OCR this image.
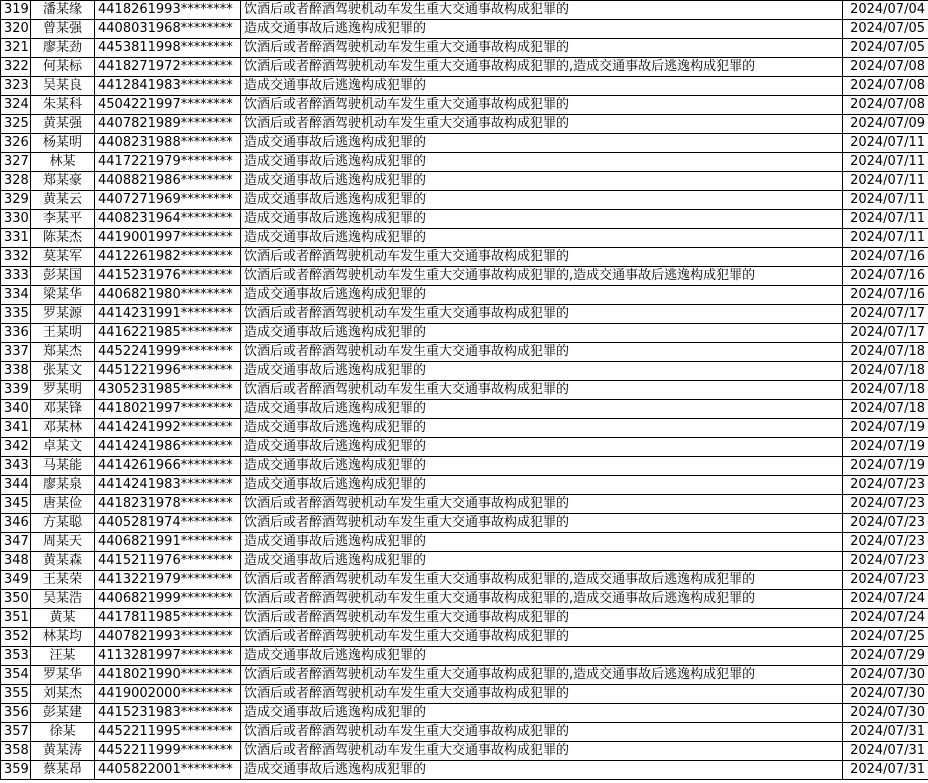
319	潘某缘	4418261993********	饮酒后或者醉酒驾驶机动车发生重大交通事故构成犯罪的	2024/07/04
320	曾某强	4408031968********	造成交通事故后逃逸构成犯罪的	2024/07/05
321	廖某劲	4453811998********	饮酒后或者醉酒驾驶机动车发生重大交通事故构成犯罪的	2024/07/05
322	何某标	4418271972********	饮酒后或者醉酒驾驶机动车发生重大交通事故构成犯罪的,造成交通事故后逃逸构成犯罪的	2024/07/08
323	吴某良	4412841983********	造成交通事故后逃逸构成犯罪的	2024/07/08
324	朱某科	4504221997********	饮酒后或者醉酒驾驶机动车发生重大交通事故构成犯罪的	2024/07/08
325	黄某强	4407821989********	饮酒后或者醉酒驾驶机动车发生重大交通事故构成犯罪的	2024/07/09
326	杨某明	4408231988********	造成交通事故后逃逸构成犯罪的	2024/07/11
327	林某	4417221979********	造成交通事故后逃逸构成犯罪的	2024/07/11
328	郑某豪	4408821986********	造成交通事故后逃逸构成犯罪的	2024/07/11
329	黄某云	4407271969********	造成交通事故后逃逸构成犯罪的	2024/07/11
330	李某平	4408231964********	造成交通事故后逃逸构成犯罪的	2024/07/11
331	陈某杰	4419001997********	造成交通事故后逃逸构成犯罪的	2024/07/11
332	莫某军	4412261982********	饮酒后或者醉酒驾驶机动车发生重大交通事故构成犯罪的	2024/07/16
333	彭某国	4415231976********	饮酒后或者醉酒驾驶机动车发生重大交通事故构成犯罪的,造成交通事故后逃逸构成犯罪的	2024/07/16
334	梁某华	4406821980********	造成交通事故后逃逸构成犯罪的	2024/07/16
335	罗某源	4414231991********	饮酒后或者醉酒驾驶机动车发生重大交通事故构成犯罪的	2024/07/17
336	王某明	4416221985********	造成交通事故后逃逸构成犯罪的	2024/07/17
337	郑某杰	4452241999********	饮酒后或者醉酒驾驶机动车发生重大交通事故构成犯罪的	2024/07/18
338	张某文	4451221996********	造成交通事故后逃逸构成犯罪的	2024/07/18
339	罗某明	4305231985********	饮酒后或者醉酒驾驶机动车发生重大交通事故构成犯罪的	2024/07/18
340	邓某锋	4418021997********	造成交通事故后逃逸构成犯罪的	2024/07/18
341	邓某林	4414241992********	造成交通事故后逃逸构成犯罪的	2024/07/19
342	卓某文	4414241986********	造成交通事故后逃逸构成犯罪的	2024/07/19
343	马某能	4414261966********	造成交通事故后逃逸构成犯罪的	2024/07/19
344	廖某泉	4414241983********	造成交通事故后逃逸构成犯罪的	2024/07/23
345	唐某俭	4418231978********	饮酒后或者醉酒驾驶机动车发生重大交通事故构成犯罪的	2024/07/23
346	方某聪	4405281974********	饮酒后或者醉酒驾驶机动车发生重大交通事故构成犯罪的	2024/07/23
347	周某天	4406821991********	造成交通事故后逃逸构成犯罪的	2024/07/23
348	黄某森	4415211976********	造成交通事故后逃逸构成犯罪的	2024/07/23
349	王某荣	4413221979********	饮酒后或者醉酒驾驶机动车发生重大交通事故构成犯罪的,造成交通事故后逃逸构成犯罪的	2024/07/23
350	吴某浩	4406821999********	饮酒后或者醉酒驾驶机动车发生重大交通事故构成犯罪的,造成交通事故后逃逸构成犯罪的	2024/07/24
351	黄某	4417811985********	饮酒后或者醉酒驾驶机动车发生重大交通事故构成犯罪的	2024/07/24
352	林某均	4407821993********	饮酒后或者醉酒驾驶机动车发生重大交通事故构成犯罪的	2024/07/25
353	汪某	4113281997********	造成交通事故后逃逸构成犯罪的	2024/07/29
354	罗某华	4418021990********	饮酒后或者醉酒驾驶机动车发生重大交通事故构成犯罪的,造成交通事故后逃逸构成犯罪的	2024/07/30
355	刘某杰	4419002000********	饮酒后或者醉酒驾驶机动车发生重大交通事故构成犯罪的	2024/07/30
356	彭某建	4415231983********	造成交通事故后逃逸构成犯罪的	2024/07/30
357	徐某	4452211995********	饮酒后或者醉酒驾驶机动车发生重大交通事故构成犯罪的	2024/07/31
358	黄某涛	4452211999********	饮酒后或者醉酒驾驶机动车发生重大交通事故构成犯罪的	2024/07/31
359	蔡某昂	4405822001********	造成交通事故后逃逸构成犯罪的	2024/07/31
